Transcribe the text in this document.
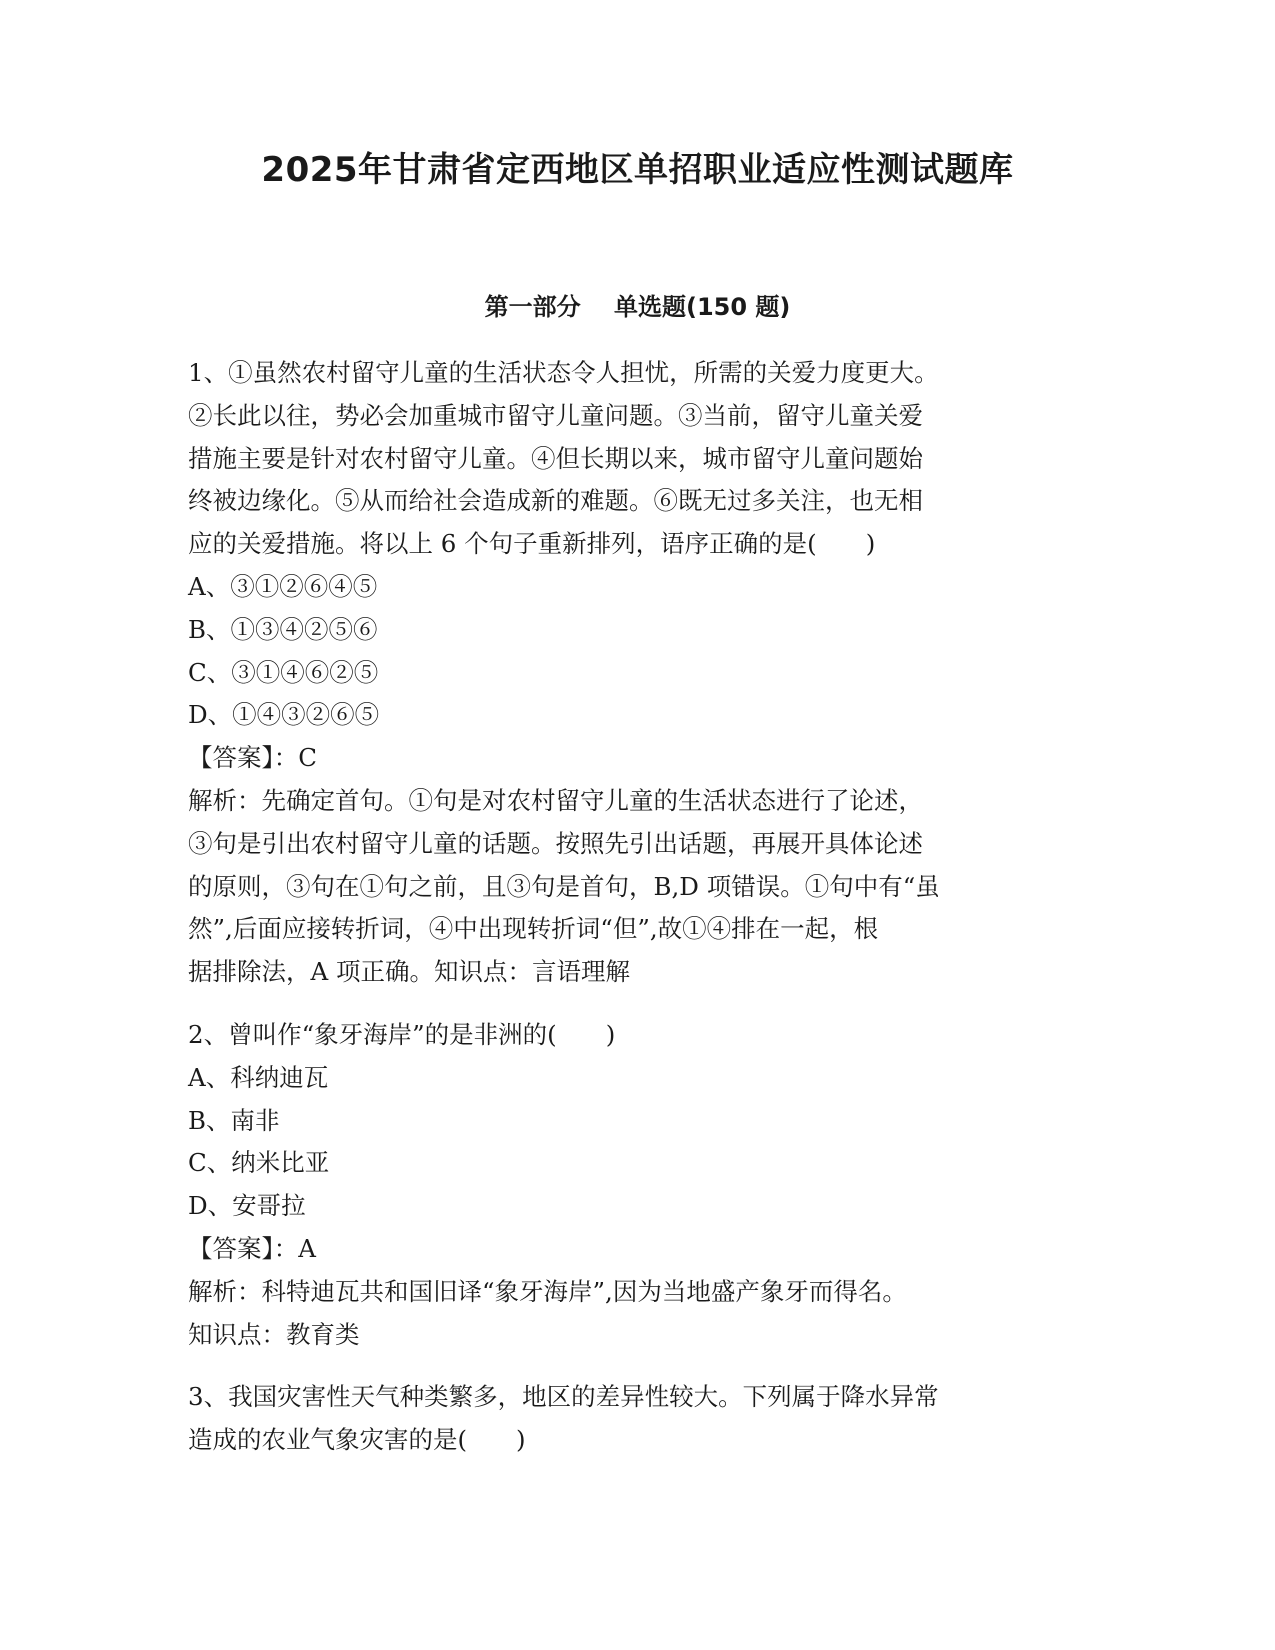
2025年甘肃省定西地区单招职业适应性测试题库
第一部分    单选题(150 题)
1、①虽然农村留守儿童的生活状态令人担忧，所需的关爱力度更大。
②长此以往，势必会加重城市留守儿童问题。③当前，留守儿童关爱
措施主要是针对农村留守儿童。④但长期以来，城市留守儿童问题始
终被边缘化。⑤从而给社会造成新的难题。⑥既无过多关注，也无相
应的关爱措施。将以上 6 个句子重新排列，语序正确的是(　　)
A、③①②⑥④⑤
B、①③④②⑤⑥
C、③①④⑥②⑤
D、①④③②⑥⑤
【答案】：C
解析：先确定首句。①句是对农村留守儿童的生活状态进行了论述，
③句是引出农村留守儿童的话题。按照先引出话题，再展开具体论述
的原则，③句在①句之前，且③句是首句，B,D 项错误。①句中有“虽
然”,后面应接转折词，④中出现转折词“但”,故①④排在一起，根
据排除法，A 项正确。知识点：言语理解
2、曾叫作“象牙海岸”的是非洲的(　　)
A、科纳迪瓦
B、南非
C、纳米比亚
D、安哥拉
【答案】：A
解析：科特迪瓦共和国旧译“象牙海岸”,因为当地盛产象牙而得名。
知识点：教育类
3、我国灾害性天气种类繁多，地区的差异性较大。下列属于降水异常
造成的农业气象灾害的是(　　)
